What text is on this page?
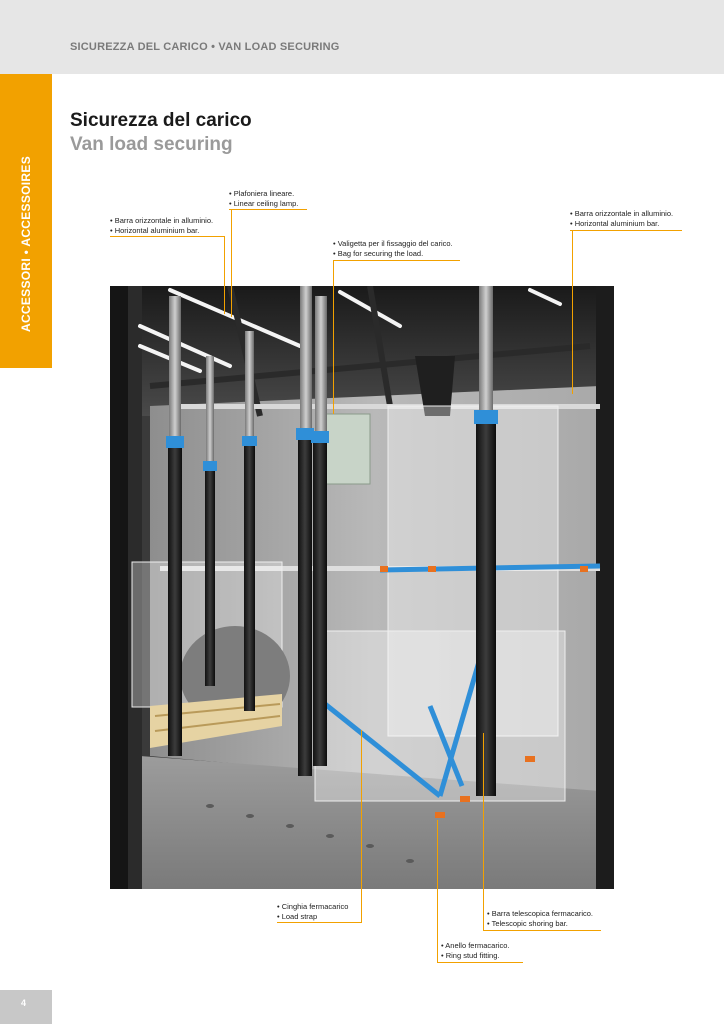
SICUREZZA DEL CARICO • VAN LOAD SECURING
ACCESSORI • ACCESSOIRES
Sicurezza del carico
Van load securing
• Plafoniera lineare.
• Linear ceiling lamp.
• Barra orizzontale in alluminio.
• Horizontal aluminium bar.
• Valigetta per il fissaggio del carico.
• Bag for securing the load.
• Barra orizzontale in alluminio.
• Horizontal aluminium bar.
• Cinghia fermacarico
• Load strap	• Barra telescopica fermacarico.
• Telescopic shoring bar.
• Anello fermacarico.
• Ring stud fitting.
4
